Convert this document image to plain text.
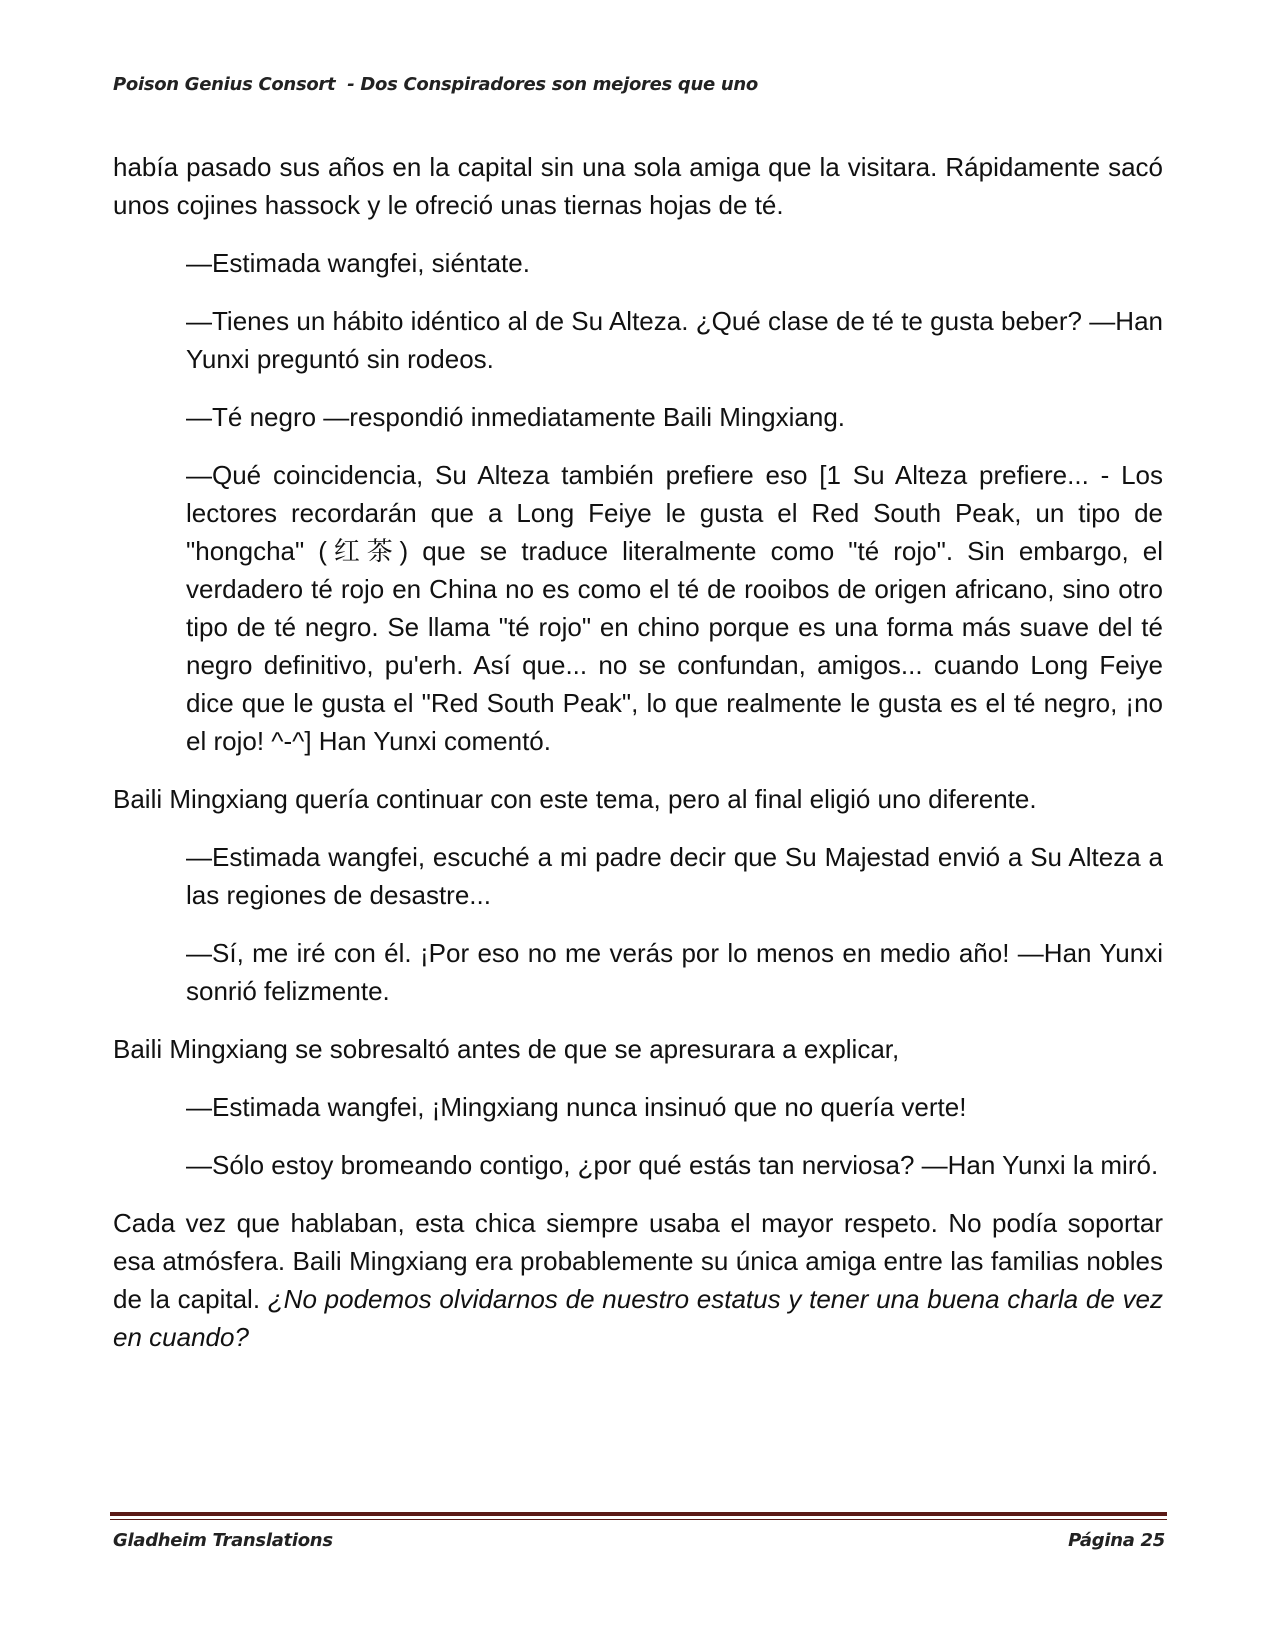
Poison Genius Consort  - Dos Conspiradores son mejores que uno

había pasado sus años en la capital sin una sola amiga que la visitara. Rápidamente sacó unos cojines hassock y le ofreció unas tiernas hojas de té.

—Estimada wangfei, siéntate.

—Tienes un hábito idéntico al de Su Alteza. ¿Qué clase de té te gusta beber? —Han Yunxi preguntó sin rodeos.

—Té negro —respondió inmediatamente Baili Mingxiang.

—Qué coincidencia, Su Alteza también prefiere eso [1 Su Alteza prefiere... - Los lectores recordarán que a Long Feiye le gusta el Red South Peak, un tipo de "hongcha" (红茶) que se traduce literalmente como "té rojo". Sin embargo, el verdadero té rojo en China no es como el té de rooibos de origen africano, sino otro tipo de té negro. Se llama "té rojo" en chino porque es una forma más suave del té negro definitivo, pu'erh. Así que... no se confundan, amigos... cuando Long Feiye dice que le gusta el "Red South Peak", lo que realmente le gusta es el té negro, ¡no el rojo! ^-^] Han Yunxi comentó.

Baili Mingxiang quería continuar con este tema, pero al final eligió uno diferente.

—Estimada wangfei, escuché a mi padre decir que Su Majestad envió a Su Alteza a las regiones de desastre...

—Sí, me iré con él. ¡Por eso no me verás por lo menos en medio año! —Han Yunxi sonrió felizmente.

Baili Mingxiang se sobresaltó antes de que se apresurara a explicar,

—Estimada wangfei, ¡Mingxiang nunca insinuó que no quería verte!

—Sólo estoy bromeando contigo, ¿por qué estás tan nerviosa? —Han Yunxi la miró.

Cada vez que hablaban, esta chica siempre usaba el mayor respeto. No podía soportar esa atmósfera. Baili Mingxiang era probablemente su única amiga entre las familias nobles de la capital. ¿No podemos olvidarnos de nuestro estatus y tener una buena charla de vez en cuando?

Gladheim Translations	Página 25
